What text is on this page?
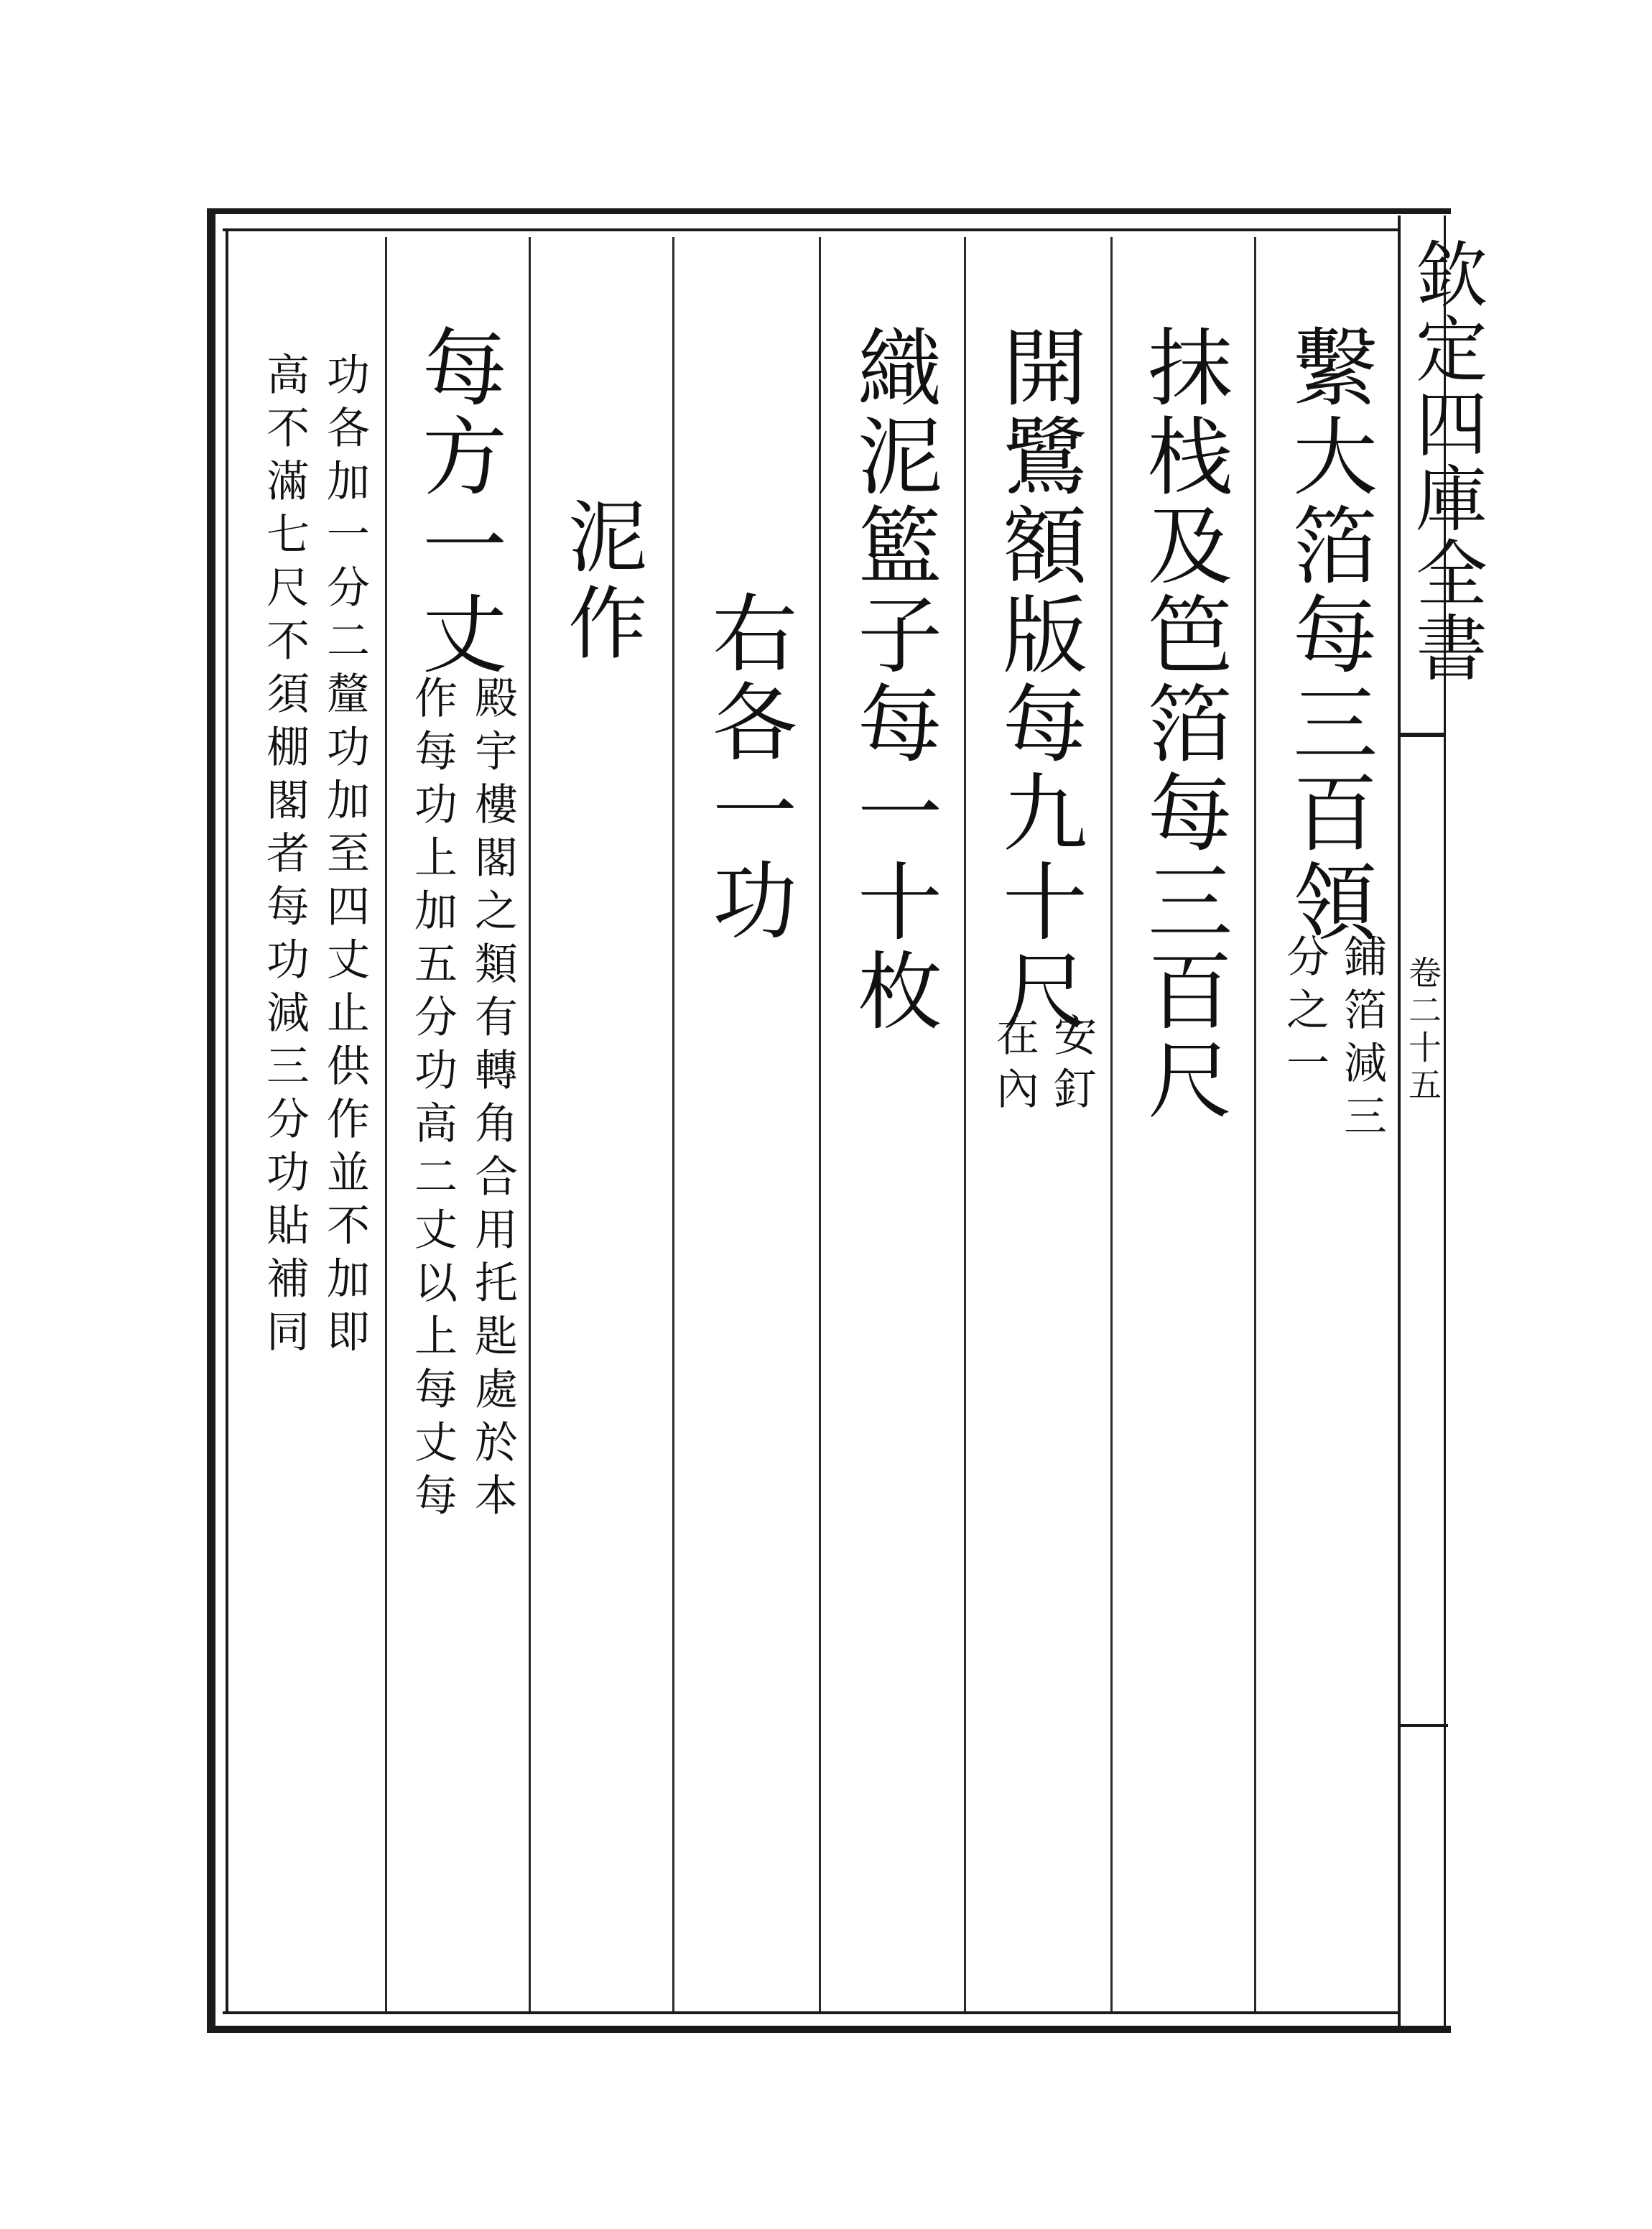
欽定四庫全書
卷二十五
繫大箔每三百領
鋪箔減三
分之一
抹栈及笆箔每三百尺
開鷺額版每九十尺
安釘
在內
織泥籃子每一十枚
右各一功
泥作
每方一丈
殿宇樓閣之類有轉角合用托匙處於本
作每功上加五分功高二丈以上每丈每
功各加一分二釐功加至四丈止供作並不加即
高不滿七尺不須棚閣者每功減三分功貼補同
